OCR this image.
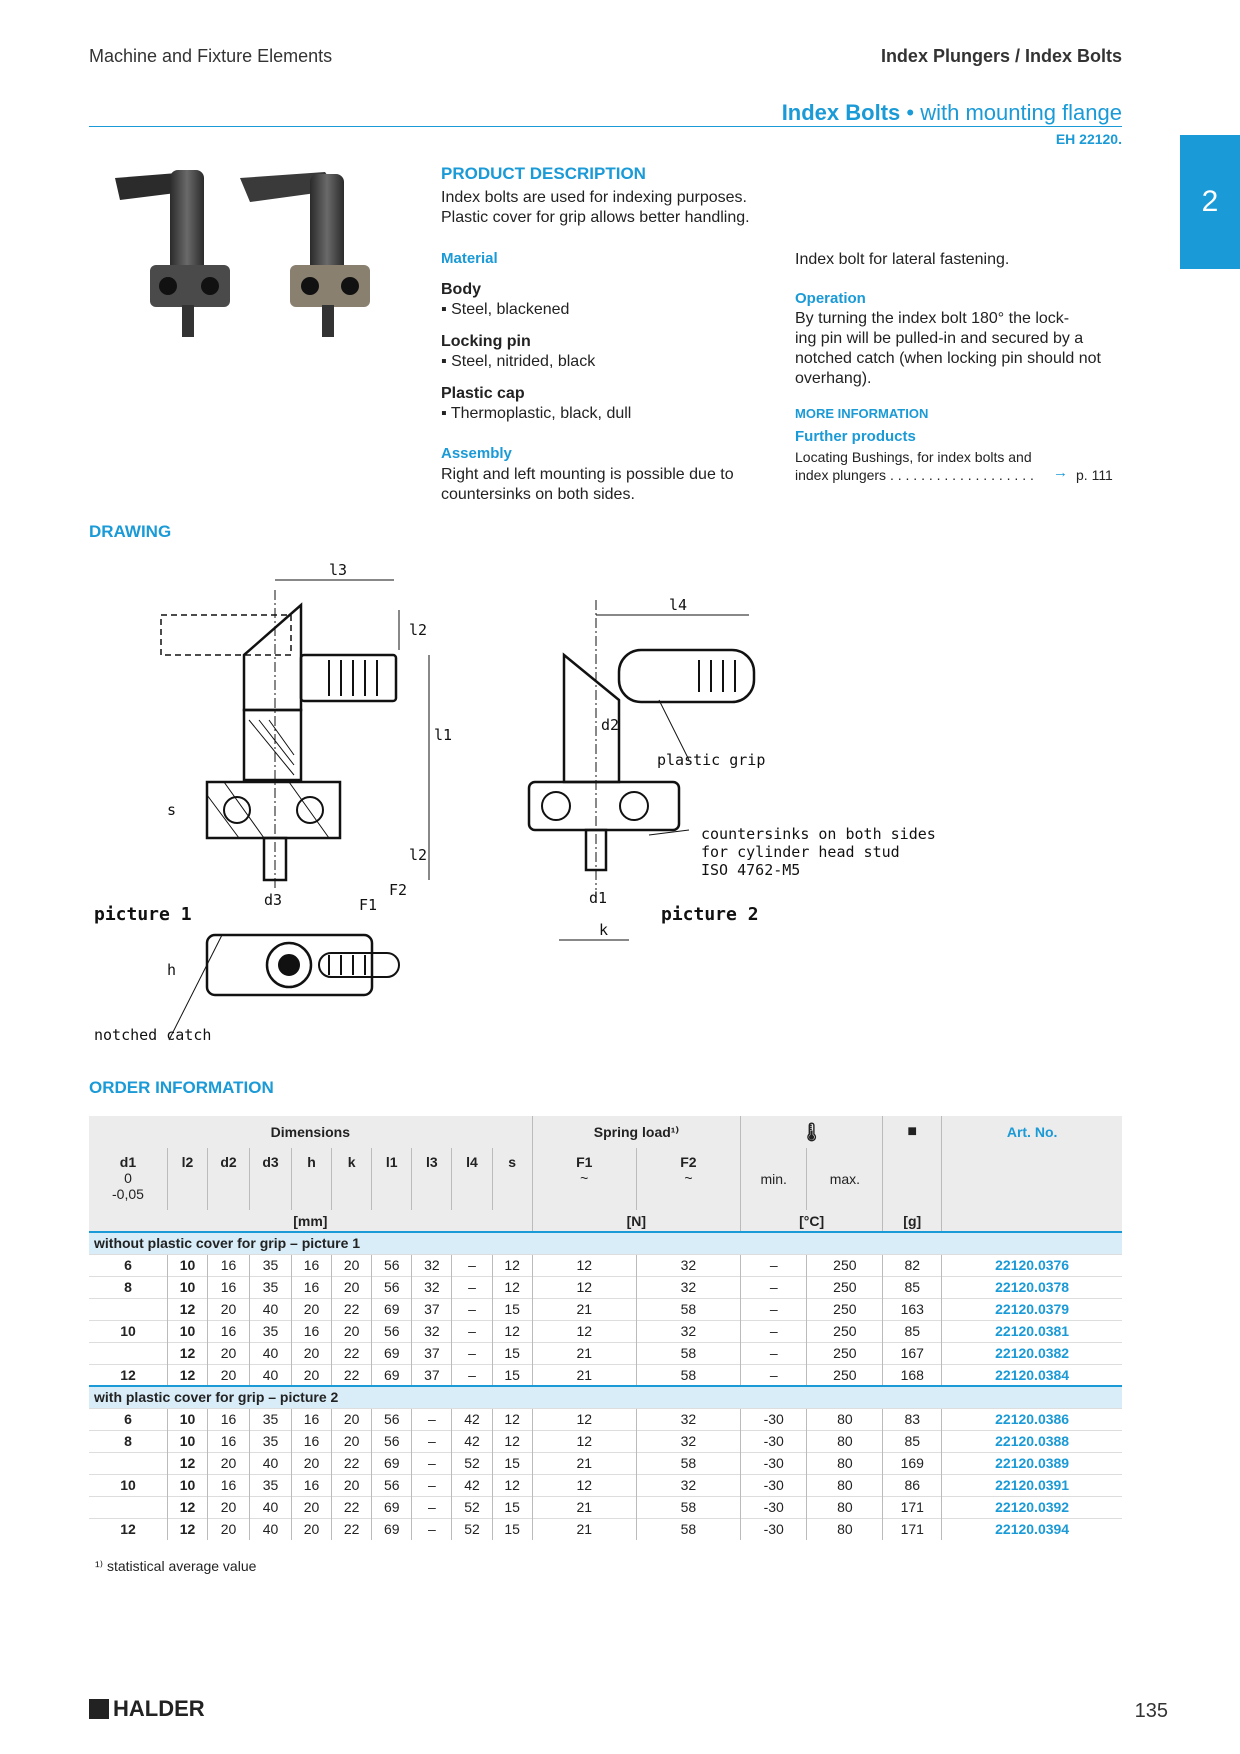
Machine and Fixture Elements	Index Plungers / Index Bolts
Index Bolts • with mounting flange
EH 22120.
2
PRODUCT DESCRIPTION
Index bolts are used for indexing purposes.
Plastic cover for grip allows better handling.
Material
Body
▪ Steel, blackened
Locking pin
▪ Steel, nitrided, black
Plastic cap
▪ Thermoplastic, black, dull
Assembly
Right and left mounting is possible due to
countersinks on both sides.
Index bolt for lateral fastening.
Operation
By turning the index bolt 180° the lock-
ing pin will be pulled-in and secured by a
notched catch (when locking pin should not
overhang).
MORE INFORMATION
Further products
Locating Bushings, for index bolts and
index plungers . . . . . . . . . . . . . . . . . . . → p. 111
DRAWING
l3
l1
l2
l2
s
d3	F1
F2
picture 1
h
notched catch
l4
d2
plastic grip
countersinks on both sides
for cylinder head stud
ISO 4762-M5
d1
k
picture 2
ORDER INFORMATION
Dimensions										Spring load¹⁾		🌡		■	Art. No.
d1
0
-0,05	l2	d2	d3	h	k	l1	l3	l4	s	F1
~	F2
~	min.	max.		
[mm]										[N]		[°C]		[g]	
without plastic cover for grip – picture 1															
6	10	16	35	16	20	56	32	–	12	12	32	–	250	82	22120.0376
8	10	16	35	16	20	56	32	–	12	12	32	–	250	85	22120.0378
	12	20	40	20	22	69	37	–	15	21	58	–	250	163	22120.0379
10	10	16	35	16	20	56	32	–	12	12	32	–	250	85	22120.0381
	12	20	40	20	22	69	37	–	15	21	58	–	250	167	22120.0382
12	12	20	40	20	22	69	37	–	15	21	58	–	250	168	22120.0384
with plastic cover for grip – picture 2															
6	10	16	35	16	20	56	–	42	12	12	32	-30	80	83	22120.0386
8	10	16	35	16	20	56	–	42	12	12	32	-30	80	85	22120.0388
	12	20	40	20	22	69	–	52	15	21	58	-30	80	169	22120.0389
10	10	16	35	16	20	56	–	42	12	12	32	-30	80	86	22120.0391
	12	20	40	20	22	69	–	52	15	21	58	-30	80	171	22120.0392
12	12	20	40	20	22	69	–	52	15	21	58	-30	80	171	22120.0394
¹⁾ statistical average value
HALDER	135
